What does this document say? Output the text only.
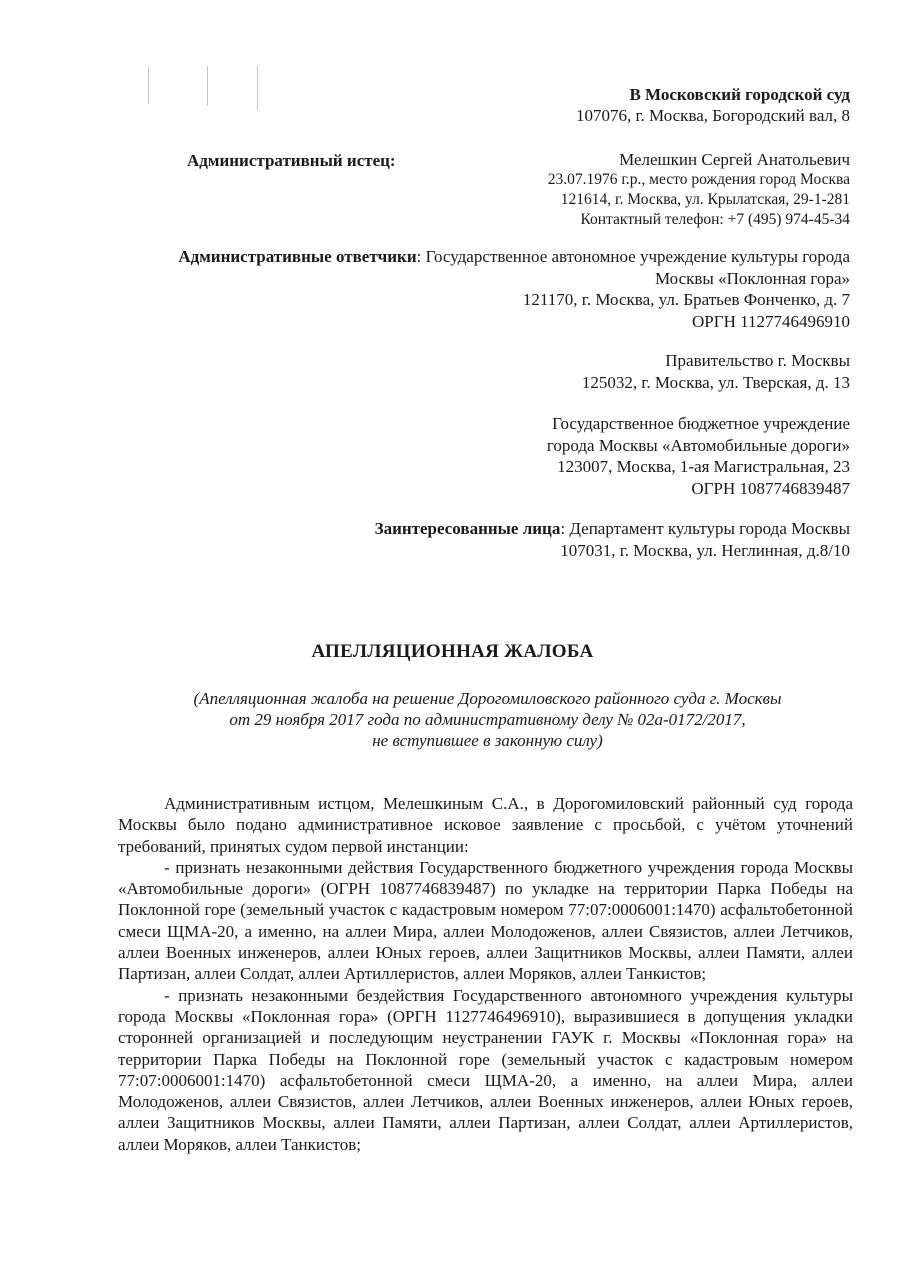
В Московский городской суд
107076, г. Москва, Богородский вал, 8
Административный истец:	Мелешкин Сергей Анатольевич
23.07.1976 г.р., место рождения город Москва
121614, г. Москва, ул. Крылатская, 29-1-281
Контактный телефон: +7 (495) 974-45-34
Административные ответчики: Государственное автономное учреждение культуры города
Москвы «Поклонная гора»
121170, г. Москва, ул. Братьев Фонченко, д. 7
ОРГН 1127746496910
Правительство г. Москвы
125032, г. Москва, ул. Тверская, д. 13
Государственное бюджетное учреждение
города Москвы «Автомобильные дороги»
123007, Москва, 1-ая Магистральная, 23
ОГРН 1087746839487
Заинтересованные лица: Департамент культуры города Москвы
107031, г. Москва, ул. Неглинная, д.8/10
АПЕЛЛЯЦИОННАЯ ЖАЛОБА
(Апелляционная жалоба на решение Дорогомиловского районного суда г. Москвы
от 29 ноября 2017 года по административному делу № 02а-0172/2017,
не вступившее в законную силу)

Административным истцом, Мелешкиным С.А., в Дорогомиловский районный суд города Москвы было подано административное исковое заявление с просьбой, с учётом уточнений требований, принятых судом первой инстанции:

- признать незаконными действия Государственного бюджетного учреждения города Москвы «Автомобильные дороги» (ОГРН 1087746839487) по укладке на территории Парка Победы на Поклонной горе (земельный участок с кадастровым номером 77:07:0006001:1470) асфальтобетонной смеси ЩМА-20, а именно, на аллеи Мира, аллеи Молодоженов, аллеи Связистов, аллеи Летчиков, аллеи Военных инженеров, аллеи Юных героев, аллеи Защитников Москвы, аллеи Памяти, аллеи Партизан, аллеи Солдат, аллеи Артиллеристов, аллеи Моряков, аллеи Танкистов;

- признать незаконными бездействия Государственного автономного учреждения культуры города Москвы «Поклонная гора» (ОРГН 1127746496910), выразившиеся в допущения укладки сторонней организацией и последующим неустранении ГАУК г. Москвы «Поклонная гора» на территории Парка Победы на Поклонной горе (земельный участок с кадастровым номером 77:07:0006001:1470) асфальтобетонной смеси ЩМА-20, а именно, на аллеи Мира, аллеи Молодоженов, аллеи Связистов, аллеи Летчиков, аллеи Военных инженеров, аллеи Юных героев, аллеи Защитников Москвы, аллеи Памяти, аллеи Партизан, аллеи Солдат, аллеи Артиллеристов, аллеи Моряков, аллеи Танкистов;
